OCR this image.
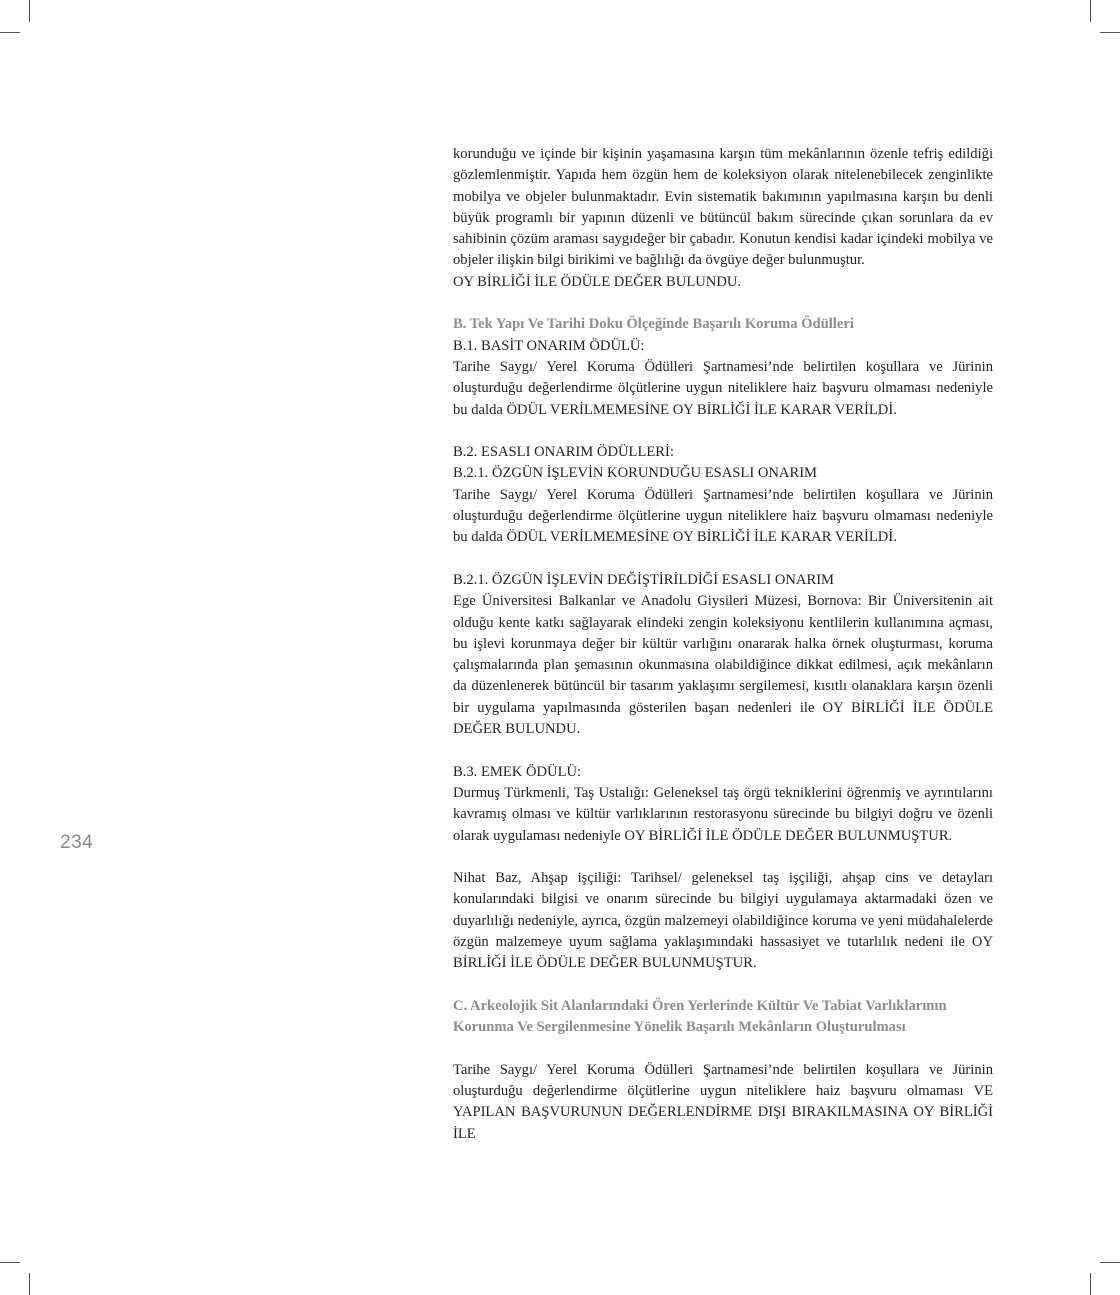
234

korunduğu ve içinde bir kişinin yaşamasına karşın tüm mekânlarının özenle tefriş edildiği gözlemlenmiştir. Yapıda hem özgün hem de koleksiyon olarak nitelenebilecek zenginlikte mobilya ve objeler bulunmaktadır. Evin sistematik bakımının yapılmasına karşın bu denli büyük programlı bir yapının düzenli ve bütüncül bakım sürecinde çıkan sorunlara da ev sahibinin çözüm araması saygıdeğer bir çabadır. Konutun kendisi kadar içindeki mobilya ve objeler ilişkin bilgi birikimi ve bağlılığı da övgüye değer bulunmuştur.

OY BİRLİĞİ İLE ÖDÜLE DEĞER BULUNDU.

B. Tek Yapı Ve Tarihi Doku Ölçeğinde Başarılı Koruma Ödülleri

B.1. BASİT ONARIM ÖDÜLÜ:

Tarihe Saygı/ Yerel Koruma Ödülleri Şartnamesi’nde belirtilen koşullara ve Jürinin oluşturduğu değerlendirme ölçütlerine uygun niteliklere haiz başvuru olmaması nedeniyle bu dalda ÖDÜL VERİLMEMESİNE OY BİRLİĞİ İLE KARAR VERİLDİ.

B.2. ESASLI ONARIM ÖDÜLLERİ:

B.2.1. ÖZGÜN İŞLEVİN KORUNDUĞU ESASLI ONARIM

Tarihe Saygı/ Yerel Koruma Ödülleri Şartnamesi’nde belirtilen koşullara ve Jürinin oluşturduğu değerlendirme ölçütlerine uygun niteliklere haiz başvuru olmaması nedeniyle bu dalda ÖDÜL VERİLMEMESİNE OY BİRLİĞİ İLE KARAR VERİLDİ.

B.2.1. ÖZGÜN İŞLEVİN DEĞİŞTİRİLDİĞİ ESASLI ONARIM

Ege Üniversitesi Balkanlar ve Anadolu Giysileri Müzesi, Bornova: Bir Üniversitenin ait olduğu kente katkı sağlayarak elindeki zengin koleksiyonu kentlilerin kullanımına açması, bu işlevi korunmaya değer bir kültür varlığını onararak halka örnek oluşturması, koruma çalışmalarında plan şemasının okunmasına olabildiğince dikkat edilmesi, açık mekânların da düzenlenerek bütüncül bir tasarım yaklaşımı sergilemesi, kısıtlı olanaklara karşın özenli bir uygulama yapılmasında gösterilen başarı nedenleri ile OY BİRLİĞİ İLE ÖDÜLE DEĞER BULUNDU.

B.3. EMEK ÖDÜLÜ:

Durmuş Türkmenli, Taş Ustalığı: Geleneksel taş örgü tekniklerini öğrenmiş ve ayrıntılarını kavramış olması ve kültür varlıklarının restorasyonu sürecinde bu bilgiyi doğru ve özenli olarak uygulaması nedeniyle OY BİRLİĞİ İLE ÖDÜLE DEĞER BULUNMUŞTUR.

Nihat Baz, Ahşap işçiliği: Tarihsel/ geleneksel taş işçiliği, ahşap cins ve detayları konularındaki bilgisi ve onarım sürecinde bu bilgiyi uygulamaya aktarmadaki özen ve duyarlılığı nedeniyle, ayrıca, özgün malzemeyi olabildiğince koruma ve yeni müdahalelerde özgün malzemeye uyum sağlama yaklaşımındaki hassasiyet ve tutarlılık nedeni ile OY BİRLİĞİ İLE ÖDÜLE DEĞER BULUNMUŞTUR.

C. Arkeolojik Sit Alanlarındaki Ören Yerlerinde Kültür Ve Tabiat Varlıklarının Korunma Ve Sergilenmesine Yönelik Başarılı Mekânların Oluşturulması

Tarihe Saygı/ Yerel Koruma Ödülleri Şartnamesi’nde belirtilen koşullara ve Jürinin oluşturduğu değerlendirme ölçütlerine uygun niteliklere haiz başvuru olmaması VE YAPILAN BAŞVURUNUN DEĞERLENDİRME DIŞI BIRAKILMASINA OY BİRLİĞİ İLE
